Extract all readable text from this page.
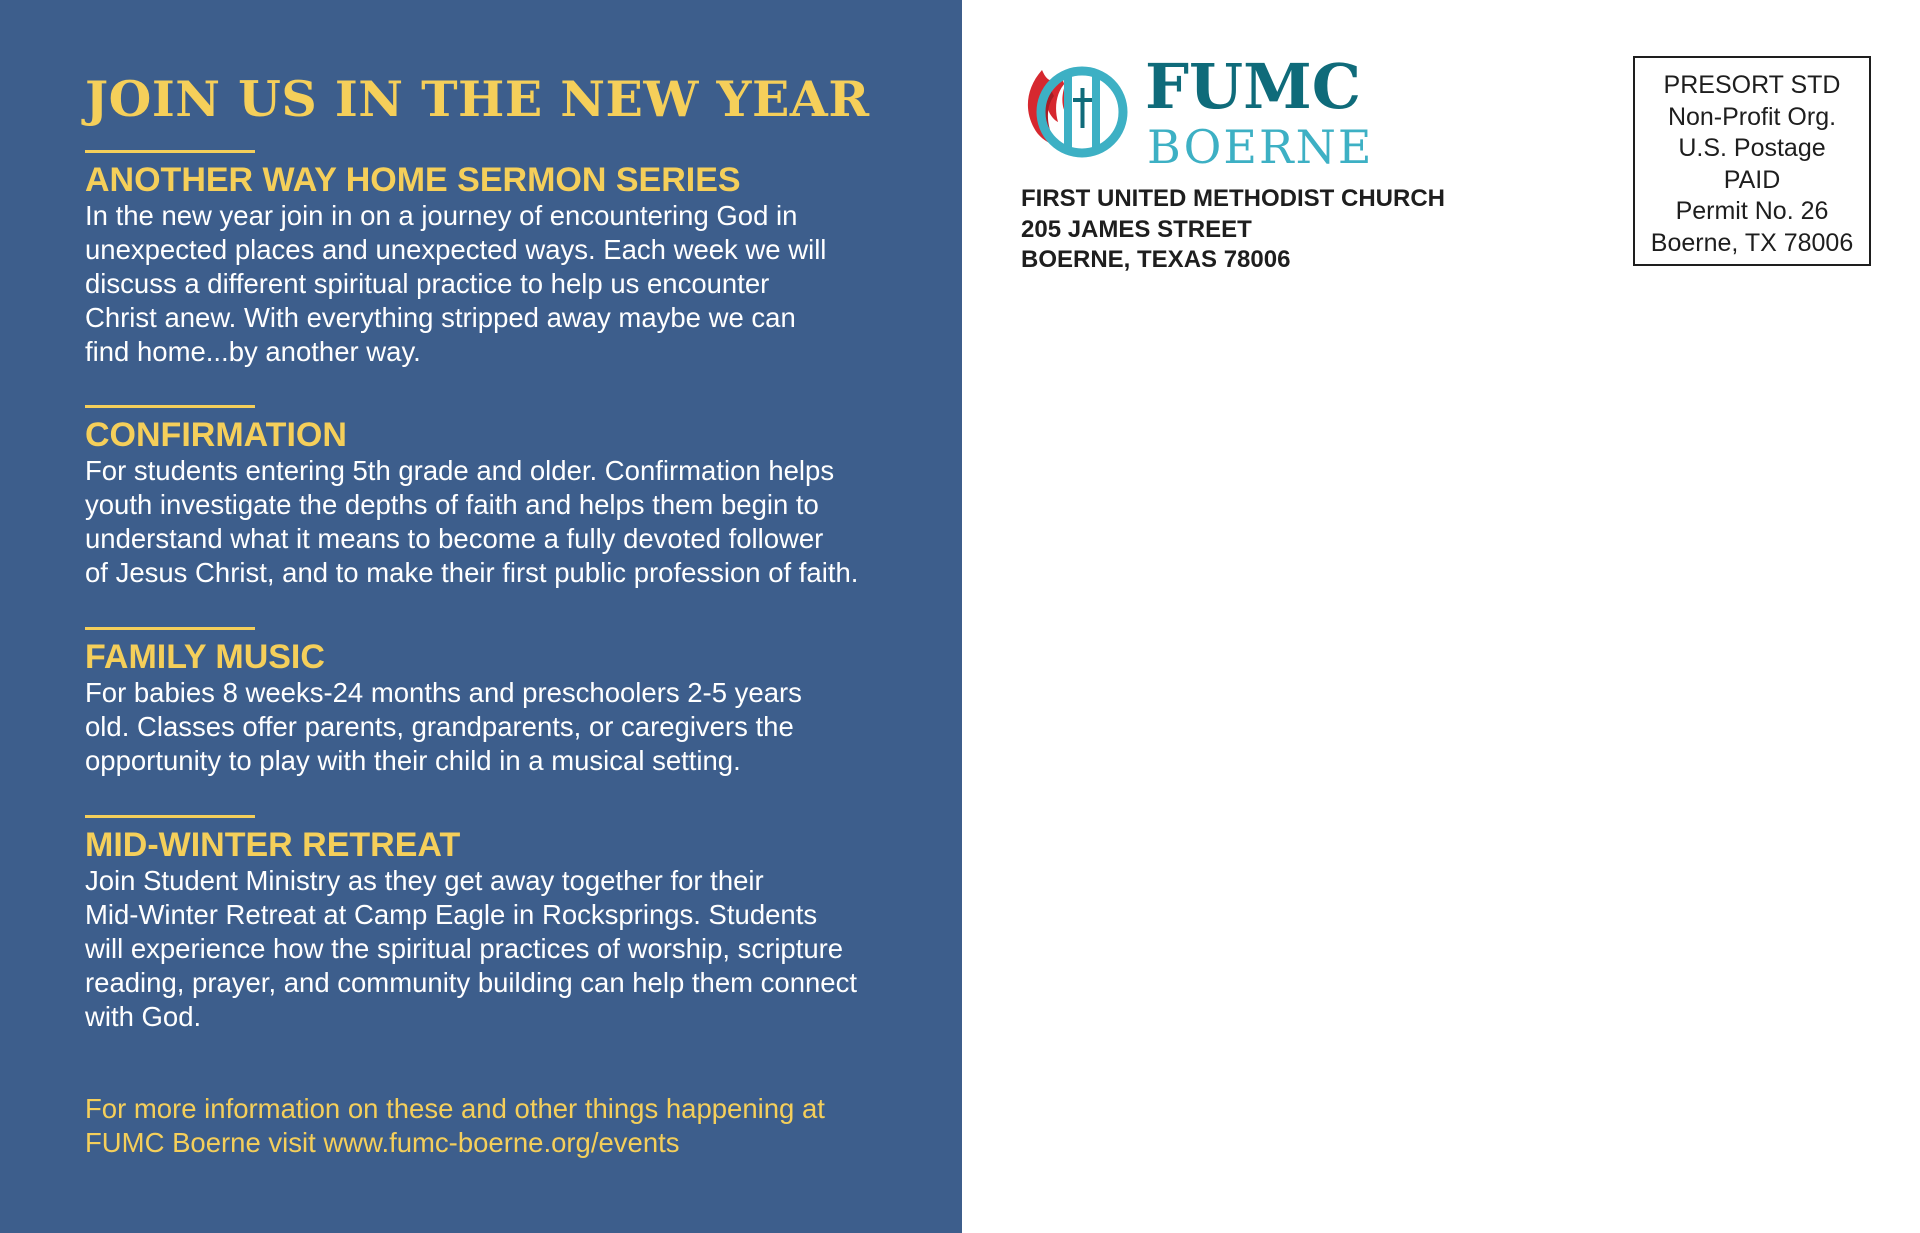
JOIN US IN THE NEW YEAR
ANOTHER WAY HOME SERMON SERIES

In the new year join in on a journey of encountering God in
unexpected places and unexpected ways. Each week we will
discuss a different spiritual practice to help us encounter
Christ anew. With everything stripped away maybe we can
find home...by another way.

CONFIRMATION

For students entering 5th grade and older. Confirmation helps
youth investigate the depths of faith and helps them begin to
understand what it means to become a fully devoted follower
of Jesus Christ, and to make their first public profession of faith.

FAMILY MUSIC

For babies 8 weeks-24 months and preschoolers 2-5 years
old. Classes offer parents, grandparents, or caregivers the
opportunity to play with their child in a musical setting.

MID-WINTER RETREAT

Join Student Ministry as they get away together for their
Mid-Winter Retreat at Camp Eagle in Rocksprings. Students
will experience how the spiritual practices of worship, scripture
reading, prayer, and community building can help them connect
with God.

For more information on these and other things happening at
FUMC Boerne visit www.fumc-boerne.org/events

FUMC
BOERNE
FIRST UNITED METHODIST CHURCH
205 JAMES STREET
BOERNE, TEXAS 78006
PRESORT STD
Non-Profit Org.
U.S. Postage
PAID
Permit No. 26
Boerne, TX 78006
